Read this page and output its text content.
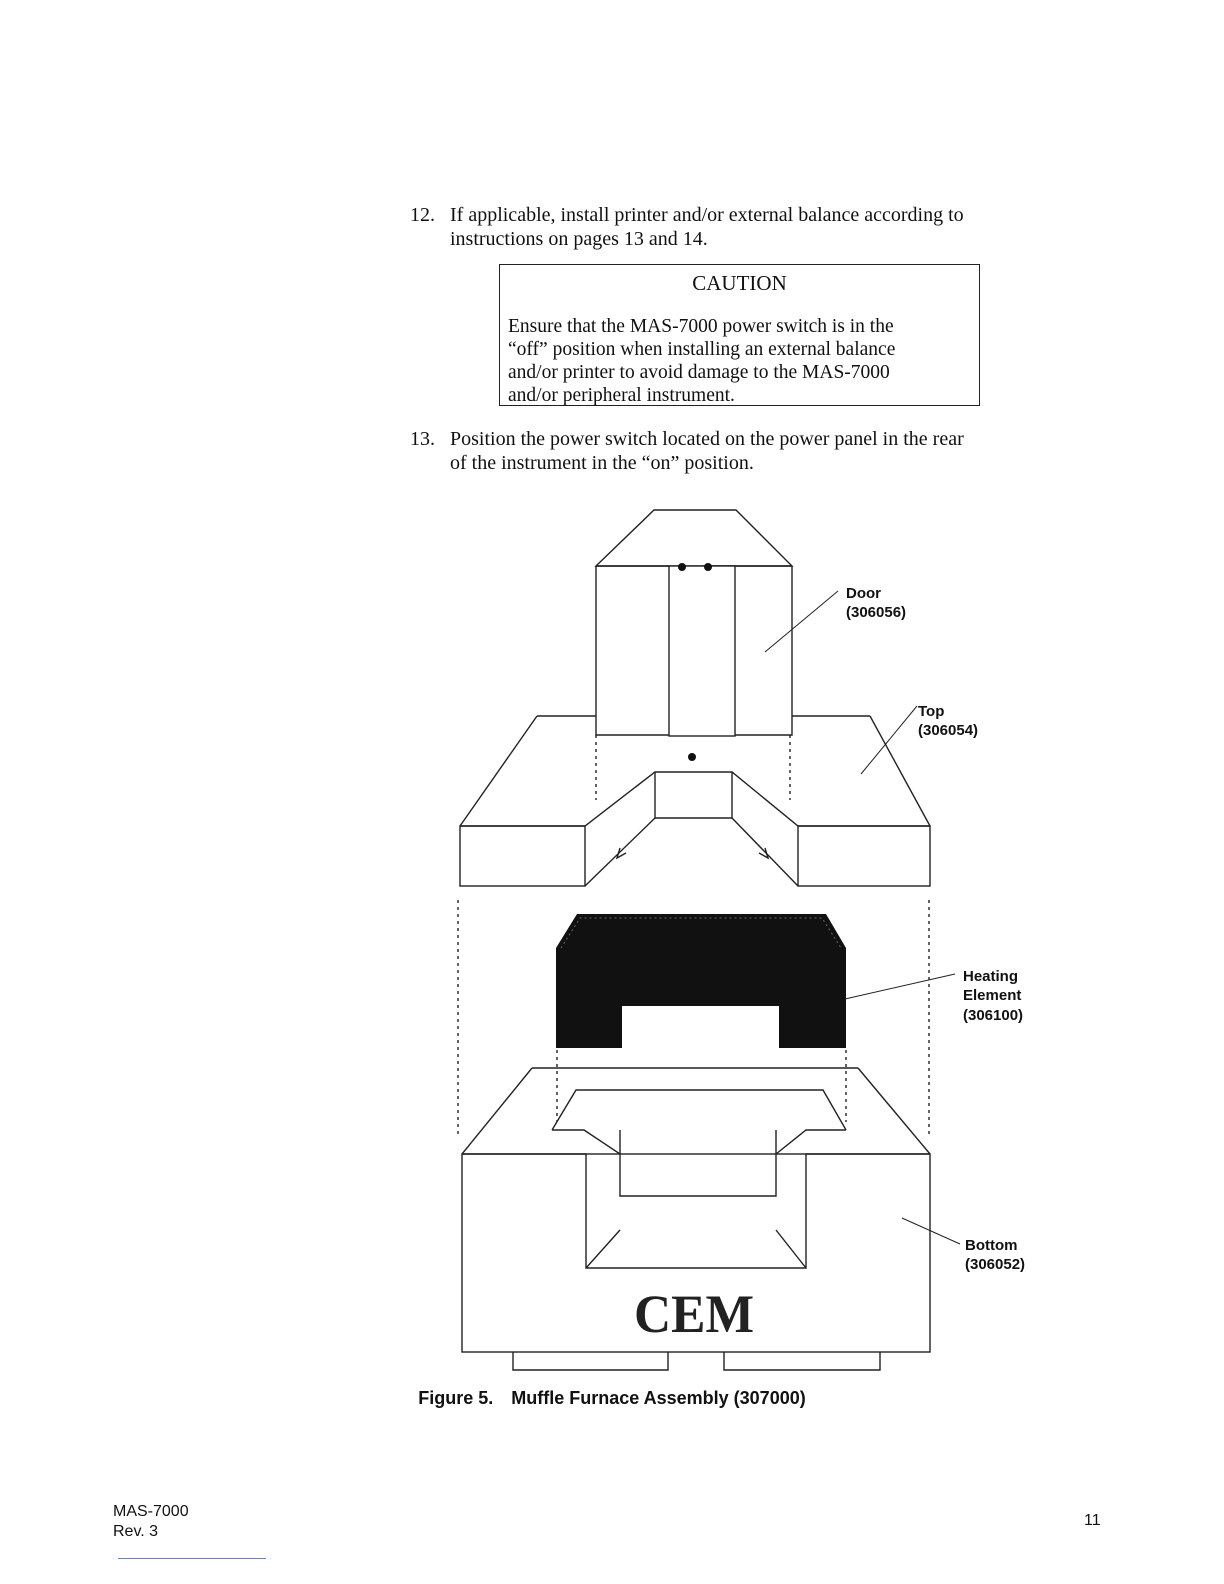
12. If applicable, install printer and/or external balance according to
instructions on pages 13 and 14.
CAUTION
Ensure that the MAS-7000 power switch is in the
“off” position when installing an external balance
and/or printer to avoid damage to the MAS-7000
and/or peripheral instrument.
13. Position the power switch located on the power panel in the rear
of the instrument in the “on” position.
CEM
Door
(306056)
Top
(306054)
Heating
Element
(306100)
Bottom
(306052)
Figure 5. Muffle Furnace Assembly (307000)
MAS-7000
Rev. 3
11
